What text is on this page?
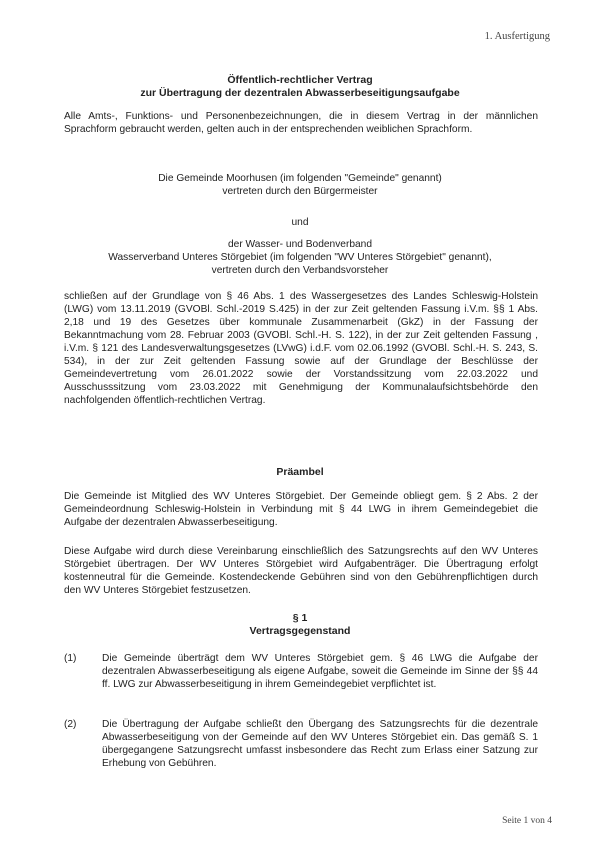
1. Ausfertigung
Öffentlich-rechtlicher Vertrag
zur Übertragung der dezentralen Abwasserbeseitigungsaufgabe
Alle Amts-, Funktions- und Personenbezeichnungen, die in diesem Vertrag in der männlichen Sprachform gebraucht werden, gelten auch in der entsprechenden weiblichen Sprachform.
Die Gemeinde Moorhusen (im folgenden "Gemeinde" genannt)
vertreten durch den Bürgermeister
und
der Wasser- und Bodenverband
Wasserverband Unteres Störgebiet (im folgenden "WV Unteres Störgebiet" genannt),
vertreten durch den Verbandsvorsteher
schließen auf der Grundlage von § 46 Abs. 1 des Wassergesetzes des Landes Schleswig-Holstein (LWG) vom 13.11.2019 (GVOBl. Schl.-2019 S.425) in der zur Zeit geltenden Fassung i.V.m. §§ 1 Abs. 2,18 und 19 des Gesetzes über kommunale Zusammenarbeit (GkZ) in der Fassung der Bekanntmachung vom 28. Februar 2003 (GVOBl. Schl.-H. S. 122), in der zur Zeit geltenden Fassung , i.V.m. § 121 des Landesverwaltungsgesetzes (LVwG) i.d.F. vom 02.06.1992 (GVOBl. Schl.-H. S. 243, S. 534), in der zur Zeit geltenden Fassung sowie auf der Grundlage der Beschlüsse der Gemeindevertretung vom 26.01.2022 sowie der Vorstandssitzung vom 22.03.2022 und Ausschusssitzung vom 23.03.2022 mit Genehmigung der Kommunalaufsichtsbehörde den nachfolgenden öffentlich-rechtlichen Vertrag.
Präambel
Die Gemeinde ist Mitglied des WV Unteres Störgebiet. Der Gemeinde obliegt gem. § 2 Abs. 2 der Gemeindeordnung Schleswig-Holstein in Verbindung mit § 44 LWG in ihrem Gemeindegebiet die Aufgabe der dezentralen Abwasserbeseitigung.
Diese Aufgabe wird durch diese Vereinbarung einschließlich des Satzungsrechts auf den WV Unteres Störgebiet übertragen. Der WV Unteres Störgebiet wird Aufgabenträger. Die Übertragung erfolgt kostenneutral für die Gemeinde. Kostendeckende Gebühren sind von den Gebührenpflichtigen durch den WV Unteres Störgebiet festzusetzen.
§ 1
Vertragsgegenstand
(1)	Die Gemeinde überträgt dem WV Unteres Störgebiet gem. § 46 LWG die Aufgabe der dezentralen Abwasserbeseitigung als eigene Aufgabe, soweit die Gemeinde im Sinne der §§ 44 ff. LWG zur Abwasserbeseitigung in ihrem Gemeindegebiet verpflichtet ist.
(2)	Die Übertragung der Aufgabe schließt den Übergang des Satzungsrechts für die dezentrale Abwasserbeseitigung von der Gemeinde auf den WV Unteres Störgebiet ein. Das gemäß S. 1 übergegangene Satzungsrecht umfasst insbesondere das Recht zum Erlass einer Satzung zur Erhebung von Gebühren.
Seite 1 von 4
